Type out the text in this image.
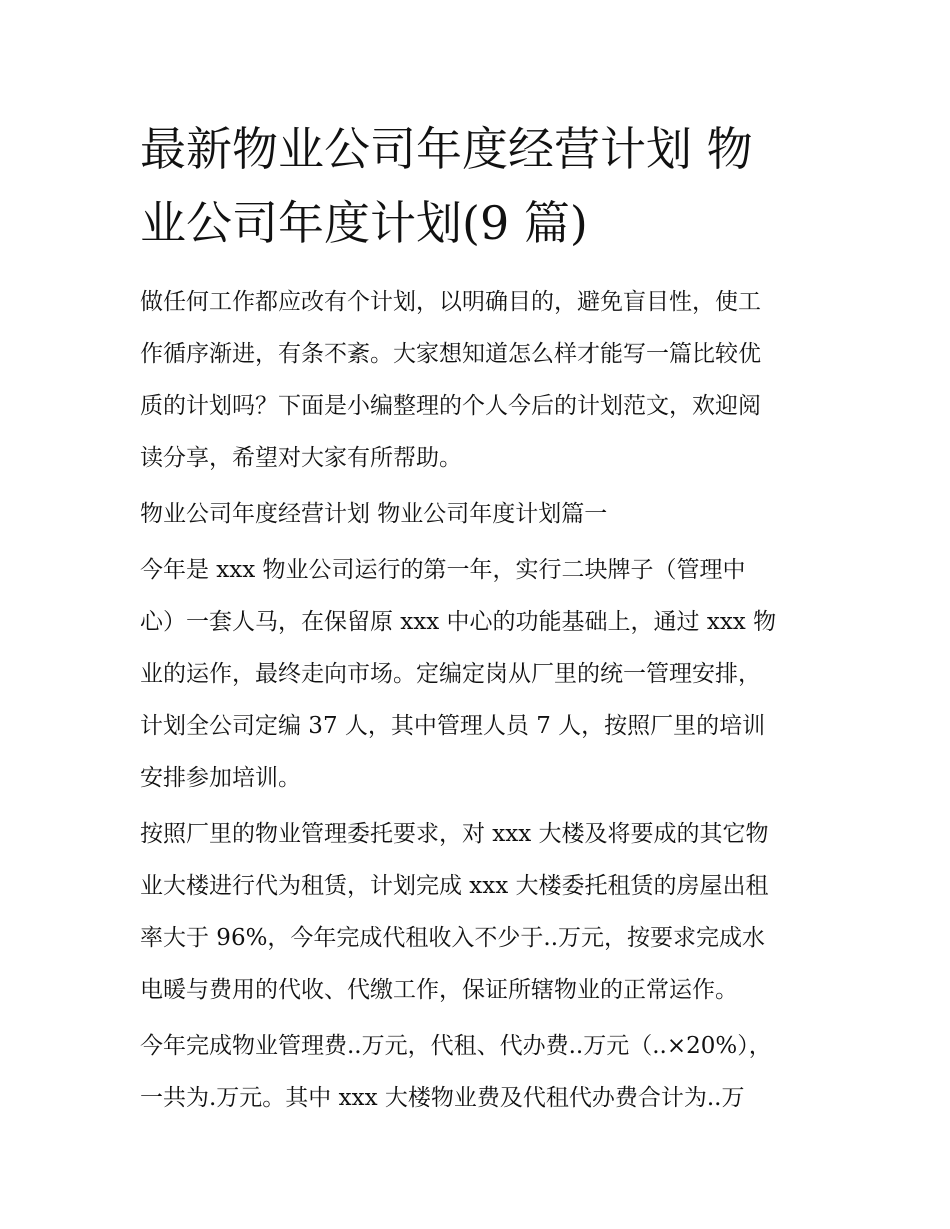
最新物业公司年度经营计划 物
业公司年度计划(9 篇)

做任何工作都应改有个计划，以明确目的，避免盲目性，使工
作循序渐进，有条不紊。大家想知道怎么样才能写一篇比较优
质的计划吗？下面是小编整理的个人今后的计划范文，欢迎阅
读分享，希望对大家有所帮助。

物业公司年度经营计划 物业公司年度计划篇一

今年是 xxx 物业公司运行的第一年，实行二块牌子（管理中
心）一套人马，在保留原 xxx 中心的功能基础上，通过 xxx 物
业的运作，最终走向市场。定编定岗从厂里的统一管理安排，
计划全公司定编 37 人，其中管理人员 7 人，按照厂里的培训
安排参加培训。

按照厂里的物业管理委托要求，对 xxx 大楼及将要成的其它物
业大楼进行代为租赁，计划完成 xxx 大楼委托租赁的房屋出租
率大于 96%，今年完成代租收入不少于..万元，按要求完成水
电暖与费用的代收、代缴工作，保证所辖物业的正常运作。

今年完成物业管理费..万元，代租、代办费..万元（..×20%），
一共为.万元。其中 xxx 大楼物业费及代租代办费合计为..万
